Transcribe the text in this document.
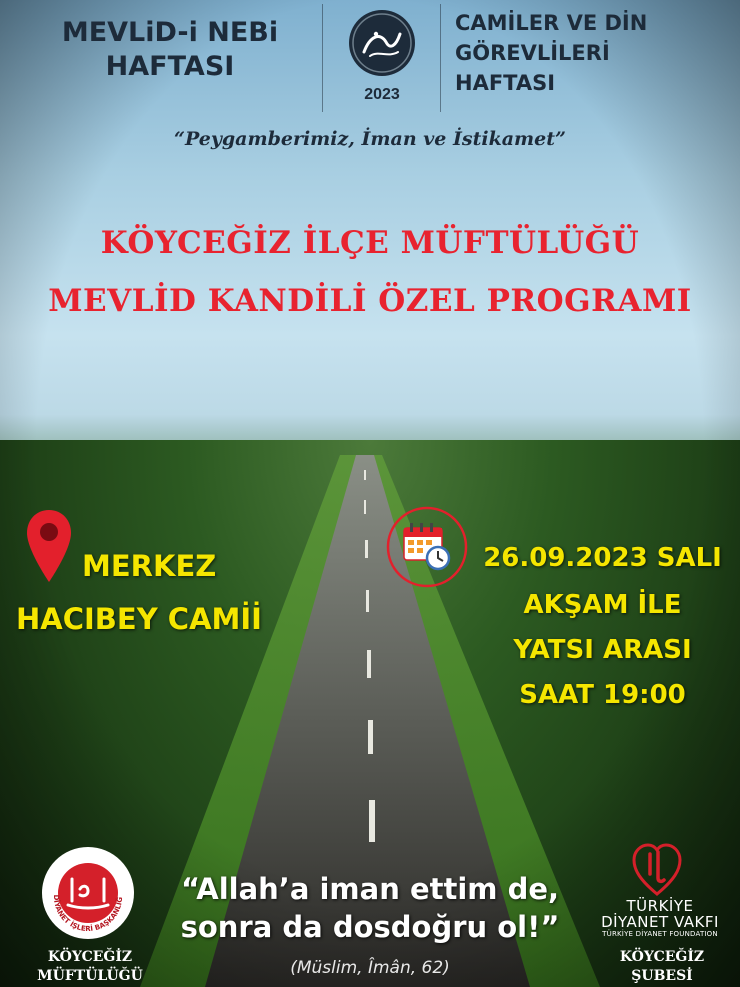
MEVLiD-i NEBi
HAFTASI
2023
CAMİLER VE DİN
GÖREVLİLERİ
HAFTASI
“Peygamberimiz, İman ve İstikamet”
KÖYCEĞİZ İLÇE MÜFTÜLÜĞÜ
MEVLİD KANDİLİ ÖZEL PROGRAMI
MERKEZ
HACIBEY CAMİİ
26.09.2023 SALI
AKŞAM İLE
YATSI ARASI
SAAT 19:00
DİYANET İŞLERİ BAŞKANLIĞ
KÖYCEĞİZ
MÜFTÜLÜĞÜ
“Allah’a iman ettim de,
sonra da dosdoğru ol!”
(Müslim, Îmân, 62)
TÜRKİYE
DİYANET VAKFI
TÜRKİYE DİYANET FOUNDATION
KÖYCEĞİZ
ŞUBESİ
